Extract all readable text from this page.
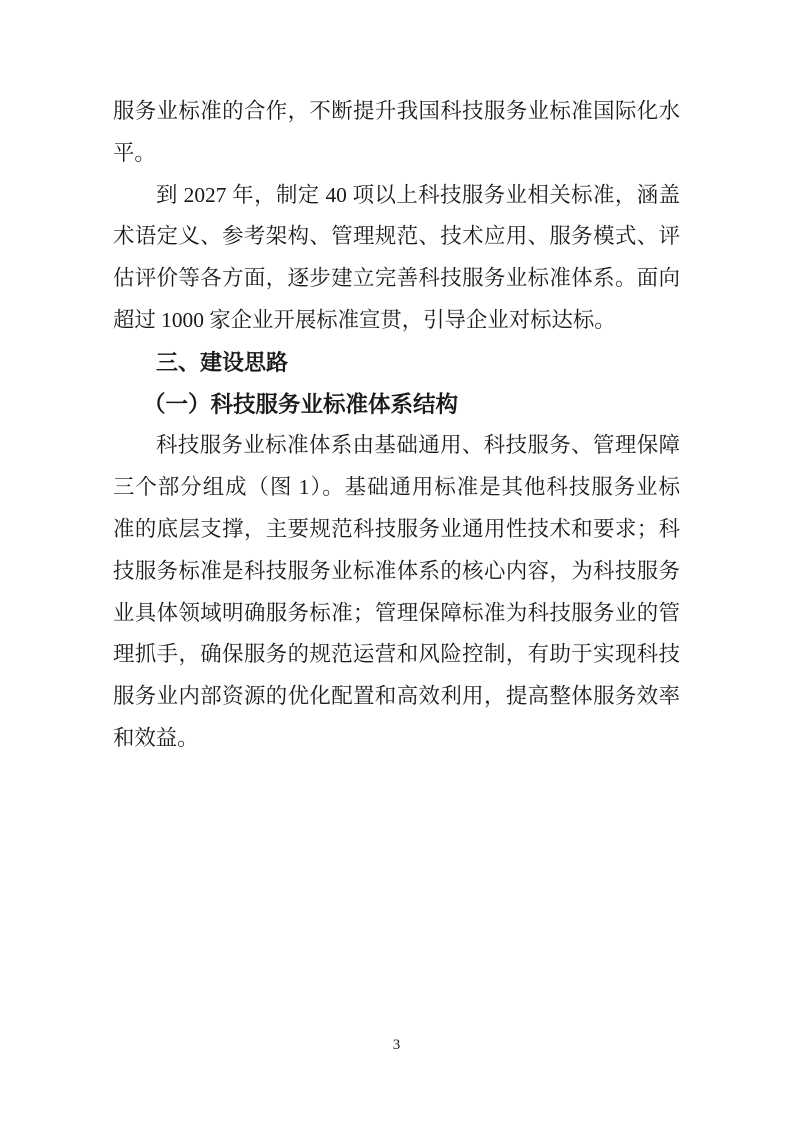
服务业标准的合作，不断提升我国科技服务业标准国际化水
平。
到 2027 年，制定 40 项以上科技服务业相关标准，涵盖
术语定义、参考架构、管理规范、技术应用、服务模式、评
估评价等各方面，逐步建立完善科技服务业标准体系。面向
超过 1000 家企业开展标准宣贯，引导企业对标达标。
三、建设思路
（一）科技服务业标准体系结构
科技服务业标准体系由基础通用、科技服务、管理保障
三个部分组成（图 1）。基础通用标准是其他科技服务业标
准的底层支撑，主要规范科技服务业通用性技术和要求；科
技服务标准是科技服务业标准体系的核心内容，为科技服务
业具体领域明确服务标准；管理保障标准为科技服务业的管
理抓手，确保服务的规范运营和风险控制，有助于实现科技
服务业内部资源的优化配置和高效利用，提高整体服务效率
和效益。
3
